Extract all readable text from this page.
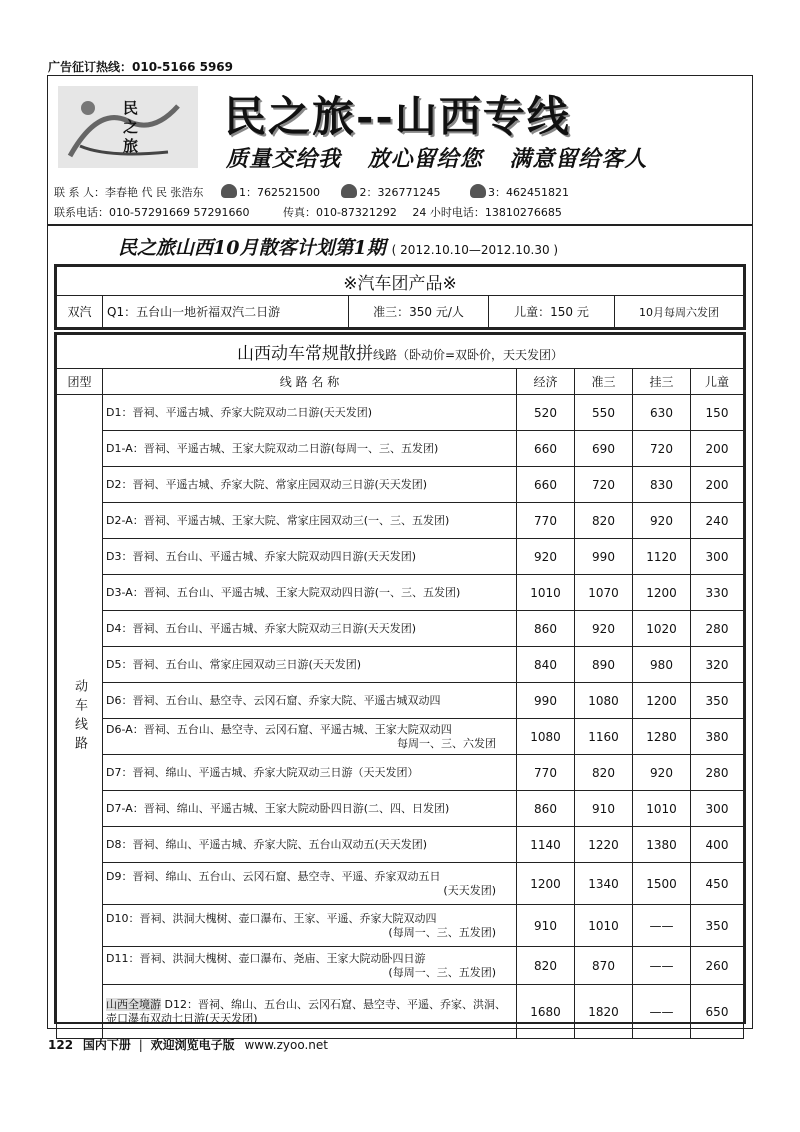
广告征订热线：010-5166 5969
民之旅 民之旅--山西专线
质量交给我 放心留给您 满意留给客人
联 系 人：李春艳 代 民 张浩东	1：762521500	2：326771245	3：462451821
联系电话：010-57291669 57291660	传真：010-87321292 24 小时电话：13810276685
民之旅山西10月散客计划第1期 ( 2012.10.10—2012.10.30 )
※汽车团产品※
双汽	Q1：五台山一地祈福双汽二日游	准三：350 元/人	儿童：150 元	10月每周六发团
山西动车常规散拼线路（卧动价=双卧价，天天发团）					
团型	线 路 名 称	经济	准三	挂三	儿童
动车线路	D1：晋祠、平遥古城、乔家大院双动二日游(天天发团)	520	550	630	150
	D1-A：晋祠、平遥古城、王家大院双动二日游(每周一、三、五发团)	660	690	720	200
	D2：晋祠、平遥古城、乔家大院、常家庄园双动三日游(天天发团)	660	720	830	200
	D2-A：晋祠、平遥古城、王家大院、常家庄园双动三(一、三、五发团)	770	820	920	240
	D3：晋祠、五台山、平遥古城、乔家大院双动四日游(天天发团)	920	990	1120	300
	D3-A：晋祠、五台山、平遥古城、王家大院双动四日游(一、三、五发团)	1010	1070	1200	330
	D4：晋祠、五台山、平遥古城、乔家大院双动三日游(天天发团)	860	920	1020	280
	D5：晋祠、五台山、常家庄园双动三日游(天天发团)	840	890	980	320
	D6：晋祠、五台山、悬空寺、云冈石窟、乔家大院、平遥古城双动四	990	1080	1200	350
	D6-A：晋祠、五台山、悬空寺、云冈石窟、平遥古城、王家大院双动四
每周一、三、六发团	1080	1160	1280	380
	D7：晋祠、绵山、平遥古城、乔家大院双动三日游（天天发团）	770	820	920	280
	D7-A：晋祠、绵山、平遥古城、王家大院动卧四日游(二、四、日发团)	860	910	1010	300
	D8：晋祠、绵山、平遥古城、乔家大院、五台山双动五(天天发团)	1140	1220	1380	400
	D9：晋祠、绵山、五台山、云冈石窟、悬空寺、平遥、乔家双动五日
(天天发团)	1200	1340	1500	450
	D10：晋祠、洪洞大槐树、壶口瀑布、王家、平遥、乔家大院双动四
(每周一、三、五发团)	910	1010	——	350
	D11：晋祠、洪洞大槐树、壶口瀑布、尧庙、王家大院动卧四日游
(每周一、三、五发团)	820	870	——	260
	山西全境游 D12：晋祠、绵山、五台山、云冈石窟、悬空寺、平遥、乔家、洪洞、壶口瀑布双动七日游(天天发团)	1680	1820	——	650
122 国内下册 | 欢迎浏览电子版 www.zyoo.net
